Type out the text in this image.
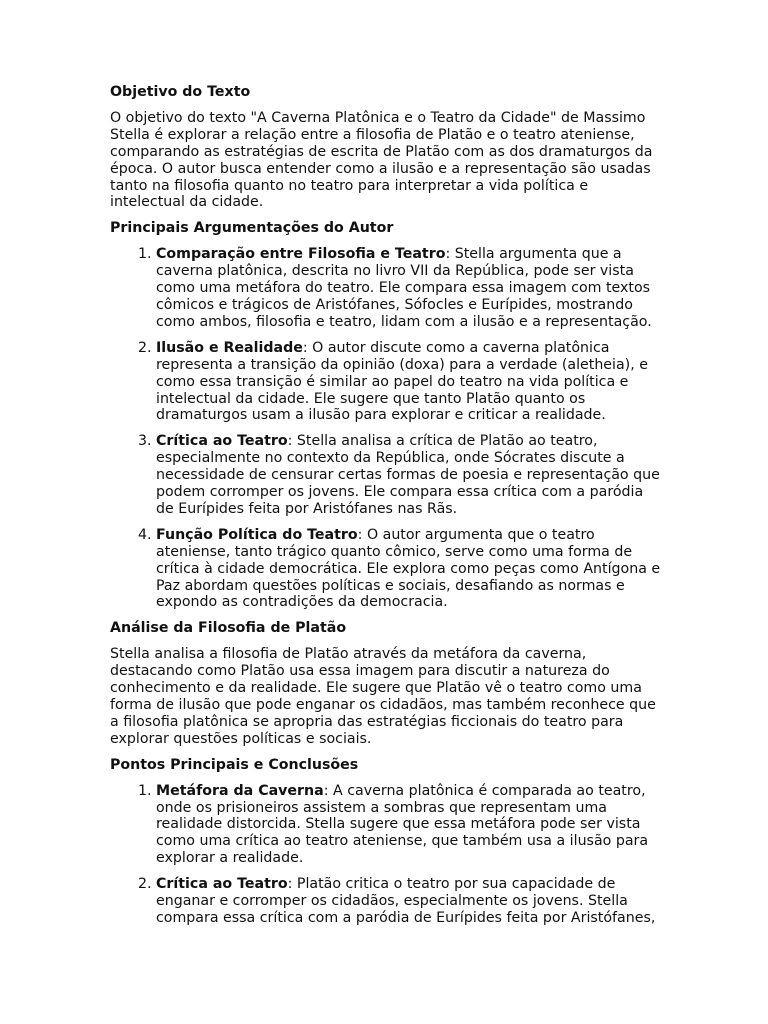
Objetivo do Texto

O objetivo do texto "A Caverna Platônica e o Teatro da Cidade" de Massimo Stella é explorar a relação entre a filosofia de Platão e o teatro ateniense, comparando as estratégias de escrita de Platão com as dos dramaturgos da época. O autor busca entender como a ilusão e a representação são usadas tanto na filosofia quanto no teatro para interpretar a vida política e intelectual da cidade.

Principais Argumentações do Autor
1. Comparação entre Filosofia e Teatro: Stella argumenta que a caverna platônica, descrita no livro VII da República, pode ser vista como uma metáfora do teatro. Ele compara essa imagem com textos cômicos e trágicos de Aristófanes, Sófocles e Eurípides, mostrando como ambos, filosofia e teatro, lidam com a ilusão e a representação.
2. Ilusão e Realidade: O autor discute como a caverna platônica representa a transição da opinião (doxa) para a verdade (aletheia), e como essa transição é similar ao papel do teatro na vida política e intelectual da cidade. Ele sugere que tanto Platão quanto os dramaturgos usam a ilusão para explorar e criticar a realidade.
3. Crítica ao Teatro: Stella analisa a crítica de Platão ao teatro, especialmente no contexto da República, onde Sócrates discute a necessidade de censurar certas formas de poesia e representação que podem corromper os jovens. Ele compara essa crítica com a paródia de Eurípides feita por Aristófanes nas Rãs.
4. Função Política do Teatro: O autor argumenta que o teatro ateniense, tanto trágico quanto cômico, serve como uma forma de crítica à cidade democrática. Ele explora como peças como Antígona e Paz abordam questões políticas e sociais, desafiando as normas e expondo as contradições da democracia.
Análise da Filosofia de Platão

Stella analisa a filosofia de Platão através da metáfora da caverna, destacando como Platão usa essa imagem para discutir a natureza do conhecimento e da realidade. Ele sugere que Platão vê o teatro como uma forma de ilusão que pode enganar os cidadãos, mas também reconhece que a filosofia platônica se apropria das estratégias ficcionais do teatro para explorar questões políticas e sociais.

Pontos Principais e Conclusões
1. Metáfora da Caverna: A caverna platônica é comparada ao teatro, onde os prisioneiros assistem a sombras que representam uma realidade distorcida. Stella sugere que essa metáfora pode ser vista como uma crítica ao teatro ateniense, que também usa a ilusão para explorar a realidade.
2. Crítica ao Teatro: Platão critica o teatro por sua capacidade de enganar e corromper os cidadãos, especialmente os jovens. Stella compara essa crítica com a paródia de Eurípides feita por Aristófanes,
